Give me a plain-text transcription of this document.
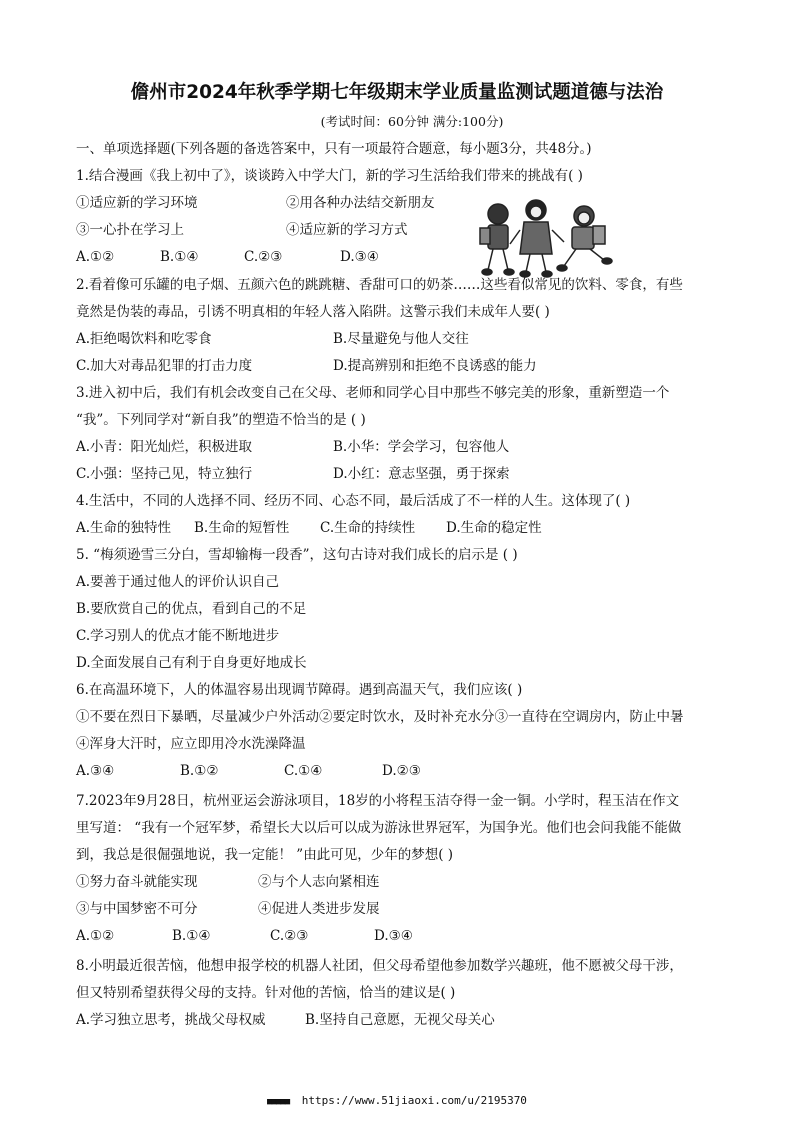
儋州市2024年秋季学期七年级期末学业质量监测试题道德与法治

(考试时间：60分钟 满分:100分)

一、单项选择题(下列各题的备选答案中，只有一项最符合题意，每小题3分，共48分。)

1.结合漫画《我上初中了》，谈谈跨入中学大门，新的学习生活给我们带来的挑战有( )

①适应新的学习环境	②用各种办法结交新朋友
③一心扑在学习上	④适应新的学习方式
A.①②	B.①④	C.②③	D.③④

2.看着像可乐罐的电子烟、五颜六色的跳跳糖、香甜可口的奶茶……这些看似常见的饮料、零食，有些

竟然是伪装的毒品，引诱不明真相的年轻人落入陷阱。这警示我们未成年人要( )

A.拒绝喝饮料和吃零食	B.尽量避免与他人交往
C.加大对毒品犯罪的打击力度	D.提高辨别和拒绝不良诱惑的能力

3.进入初中后，我们有机会改变自己在父母、老师和同学心目中那些不够完美的形象，重新塑造一个

“我”。下列同学对“新自我”的塑造不恰当的是 ( )

A.小青：阳光灿烂，积极进取	B.小华：学会学习，包容他人
C.小强：坚持己见，特立独行	D.小红：意志坚强，勇于探索

4.生活中，不同的人选择不同、经历不同、心态不同，最后活成了不一样的人生。这体现了( )

A.生命的独特性 B.生命的短暂性 C.生命的持续性 D.生命的稳定性

5. “梅须逊雪三分白，雪却输梅一段香”，这句古诗对我们成长的启示是 ( )

A.要善于通过他人的评价认识自己

B.要欣赏自己的优点，看到自己的不足

C.学习别人的优点才能不断地进步

D.全面发展自己有利于自身更好地成长

6.在高温环境下，人的体温容易出现调节障碍。遇到高温天气，我们应该( )

①不要在烈日下暴晒，尽量减少户外活动②要定时饮水，及时补充水分③一直待在空调房内，防止中暑

④浑身大汗时，应立即用冷水洗澡降温

A.③④	B.①②	C.①④	D.②③

7.2023年9月28日，杭州亚运会游泳项目，18岁的小将程玉洁夺得一金一铜。小学时，程玉洁在作文

里写道： “我有一个冠军梦，希望长大以后可以成为游泳世界冠军，为国争光。他们也会问我能不能做

到，我总是很倔强地说，我一定能！ ”由此可见，少年的梦想( )

①努力奋斗就能实现	②与个人志向紧相连
③与中国梦密不可分	④促进人类进步发展
A.①②	B.①④	C.②③	D.③④

8.小明最近很苦恼，他想申报学校的机器人社团，但父母希望他参加数学兴趣班，他不愿被父母干涉，

但又特别希望获得父母的支持。针对他的苦恼，恰当的建议是( )

A.学习独立思考，挑战父母权威	B.坚持自己意愿，无视父母关心
■■■■■ https://www.51jiaoxi.com/u/2195370
